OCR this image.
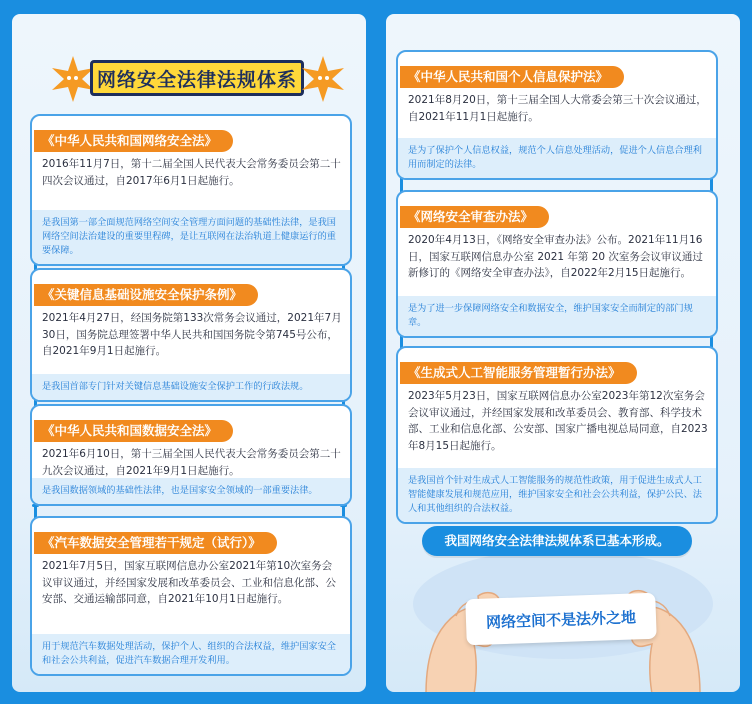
网络安全法律法规体系
《中华人民共和国网络安全法》
2016年11月7日，第十二届全国人民代表大会常务委员会第二十四次会议通过，自2017年6月1日起施行。
是我国第一部全面规范网络空间安全管理方面问题的基础性法律，是我国网络空间法治建设的重要里程碑，是让互联网在法治轨道上健康运行的重要保障。
《关键信息基础设施安全保护条例》
2021年4月27日，经国务院第133次常务会议通过，2021年7月30日，国务院总理签署中华人民共和国国务院令第745号公布，自2021年9月1日起施行。
是我国首部专门针对关键信息基础设施安全保护工作的行政法规。
《中华人民共和国数据安全法》
2021年6月10日，第十三届全国人民代表大会常务委员会第二十九次会议通过，自2021年9月1日起施行。
是我国数据领域的基础性法律，也是国家安全领域的一部重要法律。
《汽车数据安全管理若干规定（试行）》
2021年7月5日，国家互联网信息办公室2021年第10次室务会议审议通过，并经国家发展和改革委员会、工业和信息化部、公安部、交通运输部同意，自2021年10月1日起施行。
用于规范汽车数据处理活动，保护个人、组织的合法权益，维护国家安全和社会公共利益，促进汽车数据合理开发利用。
《中华人民共和国个人信息保护法》
2021年8月20日，第十三届全国人大常委会第三十次会议通过，自2021年11月1日起施行。
是为了保护个人信息权益，规范个人信息处理活动，促进个人信息合理利用而制定的法律。
《网络安全审查办法》
2020年4月13日，《网络安全审查办法》公布。2021年11月16日，国家互联网信息办公室 2021 年第 20 次室务会议审议通过新修订的《网络安全审查办法》，自2022年2月15日起施行。
是为了进一步保障网络安全和数据安全，维护国家安全而制定的部门规章。
《生成式人工智能服务管理暂行办法》
2023年5月23日，国家互联网信息办公室2023年第12次室务会会议审议通过，并经国家发展和改革委员会、教育部、科学技术部、工业和信息化部、公安部、国家广播电视总局同意，自2023年8月15日起施行。
是我国首个针对生成式人工智能服务的规范性政策，用于促进生成式人工智能健康发展和规范应用，维护国家安全和社会公共利益，保护公民、法人和其他组织的合法权益。
我国网络安全法律法规体系已基本形成。
网络空间不是法外之地
